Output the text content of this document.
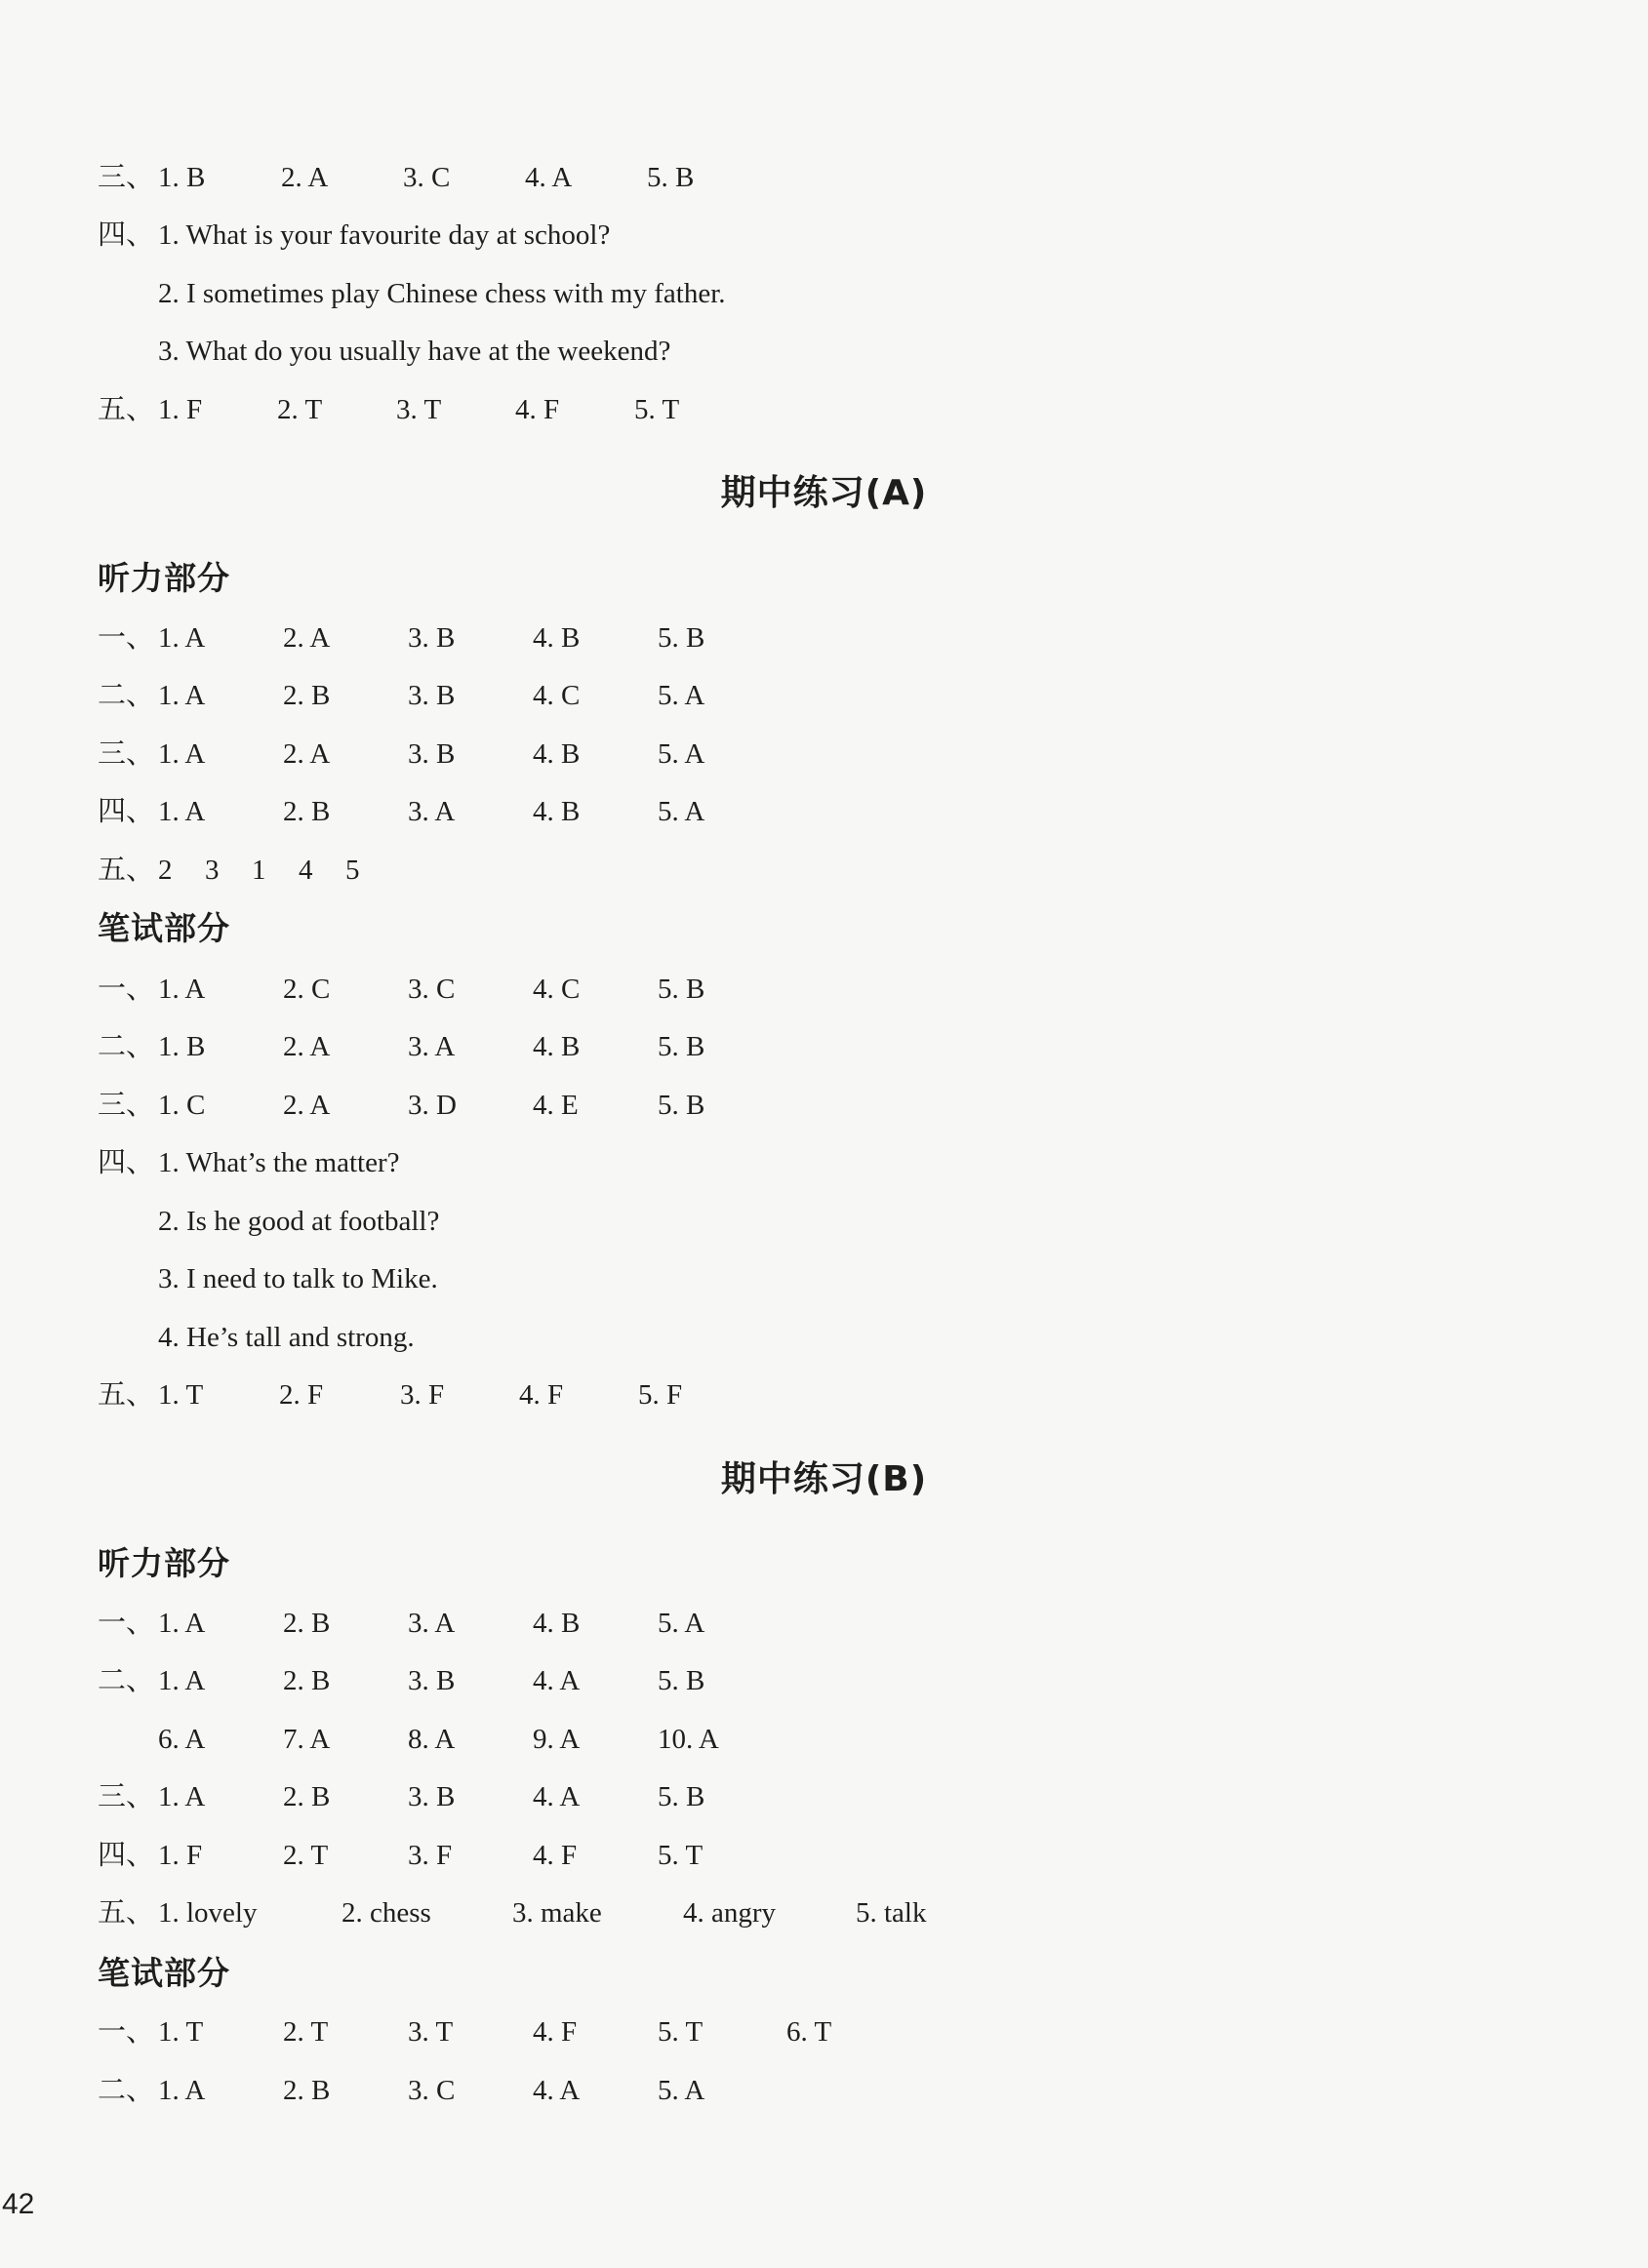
三、 1. B	2. A	3. C	4. A	5. B
四、 1. What is your favourite day at school?
2. I sometimes play Chinese chess with my father.
3. What do you usually have at the weekend?
五、 1. F	2. T	3. T	4. F	5. T
期中练习(A)
听力部分
一、 1. A	2. A	3. B	4. B	5. B
二、 1. A	2. B	3. B	4. C	5. A
三、 1. A	2. A	3. B	4. B	5. A
四、 1. A	2. B	3. A	4. B	5. A
五、 2 3 1 4 5
笔试部分
一、 1. A	2. C	3. C	4. C	5. B
二、 1. B	2. A	3. A	4. B	5. B
三、 1. C	2. A	3. D	4. E	5. B
四、 1. What’s the matter?
2. Is he good at football?
3. I need to talk to Mike.
4. He’s tall and strong.
五、 1. T	2. F	3. F	4. F	5. F
期中练习(B)
听力部分
一、 1. A	2. B	3. A	4. B	5. A
二、 1. A	2. B	3. B	4. A	5. B
6. A	7. A	8. A	9. A	10. A
三、 1. A	2. B	3. B	4. A	5. B
四、 1. F	2. T	3. F	4. F	5. T
五、 1. lovely	2. chess	3. make	4. angry	5. talk
笔试部分
一、 1. T	2. T	3. T	4. F	5. T	6. T
二、 1. A	2. B	3. C	4. A	5. A
42
